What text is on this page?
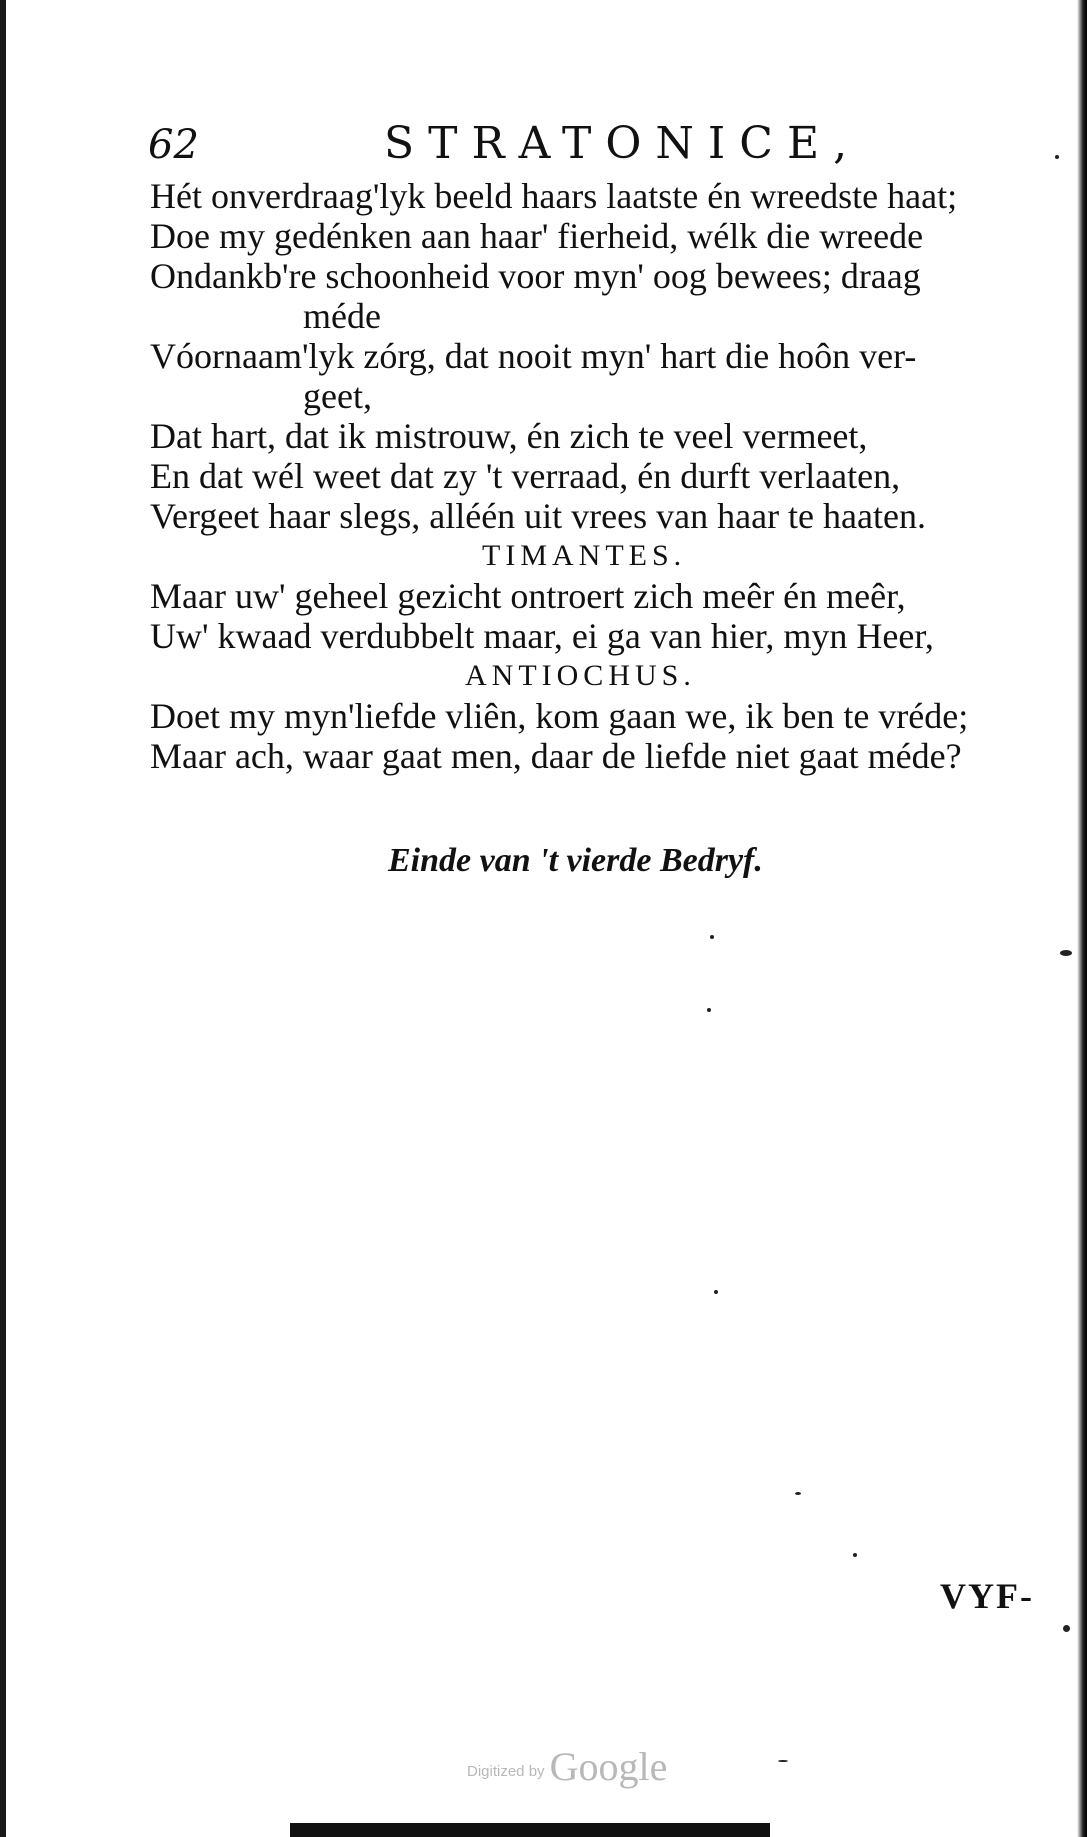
62	STRATONICE,
Hét onverdraag'lyk beeld haars laatste én wreedste haat;
Doe my gedénken aan haar' fierheid, wélk die wreede
Ondankb're schoonheid voor myn' oog bewees; draag
méde
Vóornaam'lyk zórg, dat nooit myn' hart die hoôn ver-
geet,
Dat hart, dat ik mistrouw, én zich te veel vermeet,
En dat wél weet dat zy 't verraad, én durft verlaaten,
Vergeet haar slegs, alléén uit vrees van haar te haaten.
TIMANTES.
Maar uw' geheel gezicht ontroert zich meêr én meêr,
Uw' kwaad verdubbelt maar, ei ga van hier, myn Heer,
ANTIOCHUS.
Doet my myn'liefde vliên, kom gaan we, ik ben te vréde;
Maar ach, waar gaat men, daar de liefde niet gaat méde?
Einde van 't vierde Bedryf.
VYF-
Digitized by Google
